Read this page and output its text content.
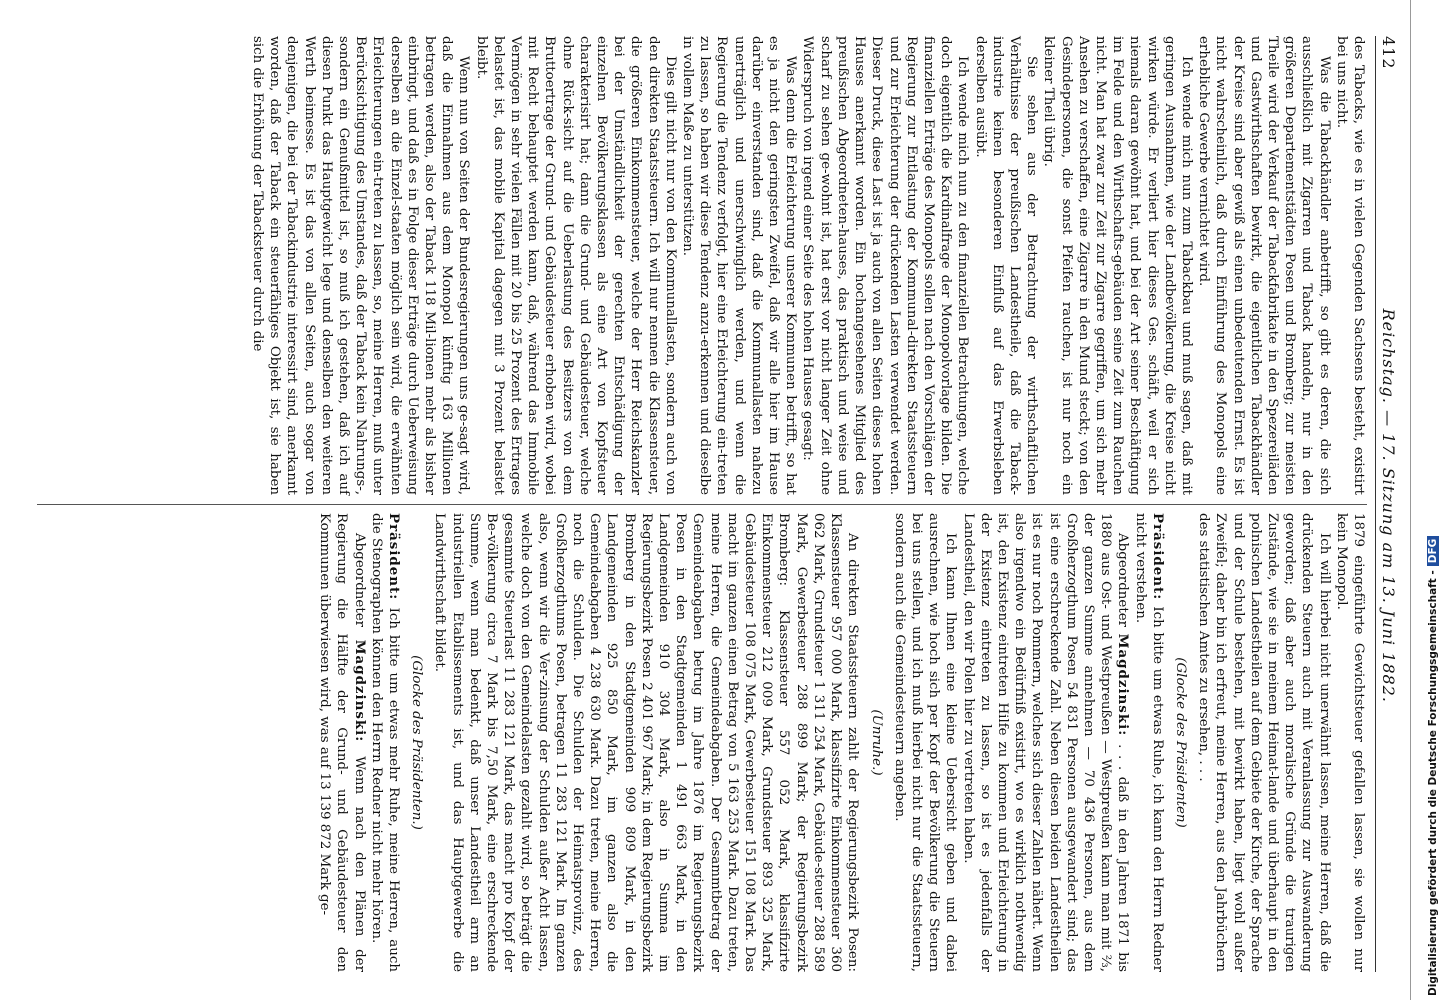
412
Reichstag. — 17. Sitzung am 13. Juni 1882.

des Tabacks, wie es in vielen Gegenden Sachsens besteht, existirt bei uns nicht.

Was die Tabackhändler anbetrifft, so gibt es deren, die sich ausschließlich mit Zigarren und Taback handeln, nur in den größeren Departementstädten Posen und Bromberg; zur meisten Theile wird der Verkauf der Tabackfabrikate in den Spezereiläden und Gastwirthschaften bewirkt, die eigentlichen Tabackhändler der Kreise sind aber gewiß als einen unbedeutenden Ernst. Es ist nicht wahrscheinlich, daß durch Einführung des Monopols eine erhebliche Gewerbe vernichtet wird.

Ich wende mich nun zum Tabackbau und muß sagen, daß mit geringen Ausnahmen, wie der Landbevölkerung, die Kreise nicht wirken würde. Er verliert hier dieses Ges. schäft, weil er sich niemals daran gewöhnt hat, und bei der Art seiner Beschäftigung im Felde und den Wirthschafts-gebäuden seine Zeit zum Rauchen nicht. Man hat zwar zur Zeit zur Zigarre gegriffen, um sich mehr Ansehen zu verschaffen, eine Zigarre in den Mund steckt; von den Gesindepersonen, die sonst Pfeifen rauchen, ist nur noch ein kleiner Theil übrig.

Sie sehen aus der Betrachtung der wirthschaftlichen Verhältnisse der preußischen Landestheile, daß die Taback-industrie keinen besonderen Einfluß auf das Erwerbsleben derselben ausübt.

Ich wende mich nun zu den finanziellen Betrachtungen, welche doch eigentlich die Kardinalfrage der Monopolvorlage bilden. Die finanziellen Erträge des Monopols sollen nach den Vorschlägen der Regierung zur Entlastung der Kommunal-direkten Staatssteuern und zur Erleichterung der drückenden Lasten verwendet werden. Dieser Druck, diese Last ist ja auch von allen Seiten dieses hohen Hauses anerkannt worden. Ein hochangesehenes Mitglied des preußischen Abgeordneten-hauses, das praktisch und weise und scharf zu sehen ge-wohnt ist, hat erst vor nicht langer Zeit ohne Widerspruch von irgend einer Seite des hohen Hauses gesagt:

Was denn die Erleichterung unserer Kommunen betrifft, so hat es ja nicht den geringsten Zweifel, daß wir alle hier im Hause darüber einverstanden sind, daß die Kommunallasten nahezu unerträglich und unerschwinglich werden, und wenn die Regierung die Tendenz verfolgt, hier eine Erleichterung ein-treten zu lassen, so haben wir diese Tendenz anzu-erkennen und dieselbe in vollem Maße zu unterstützen.

Dies gilt nicht nur von den Kommunallasten, sondern auch von den direkten Staatssteuern. Ich will nur nennen die Klassensteuer, die größeren Einkommensteuer, welche der Herr Reichskanzler bei der Umständlichkeit der gerechten Entschädigung der einzelnen Bevölkerungsklassen als eine Art von Kopfsteuer charakterisirt hat; dann die Grund- und Gebäudesteuer, welche ohne Rück-sicht auf die Ueberlastung des Besitzers von dem Bruttoertrage der Grund- und Gebäudesteuer erhoben wird, wobei mit Recht behauptet werden kann, daß, während das Immobile Vermögen in sehr vielen Fällen mit 20 bis 25 Prozent des Ertrages belastet ist, das mobile Kapital dagegen mit 3 Prozent belastet bleibt.

Wenn nun von Seiten der Bundesregierungen uns ge-sagt wird, daß die Einnahmen aus dem Monopol künftig 163 Millionen betragen werden, also der Taback 118 Mil-lionen mehr als bisher einbringt, und daß es in Folge dieser Erträge durch Ueberweisung derselben an die Einzel-staaten möglich sein wird, die erwähnten Erleichterungen ein-treten zu lassen, so, meine Herren, muß unter Berücksichtigung des Umstandes, daß der Taback kein Nahrungs-, sondern ein Genußmittel ist, so muß ich gestehen, daß ich auf diesen Punkt das Hauptgewicht lege und denselben den weiteren Werth beimesse. Es ist das von allen Seiten, auch sogar von denjenigen, die bei der Tabackindustrie interessirt sind, anerkannt worden, daß der Taback ein steuerfähiges Objekt ist, sie haben sich die Erhöhung der Tabacksteuer durch die

1879 eingeführte Gewichtsteuer gefallen lassen, sie wollen nur kein Monopol.

Ich will hierbei nicht unerwähnt lassen, meine Herren, daß die drückenden Steuern auch mit Veranlassung zur Auswanderung geworden; daß aber auch moralische Gründe die traurigen Zustände, wie sie in meinem Heimat-lande und überhaupt in den polnischen Landestheilen auf dem Gebiete der Kirche, der Sprache und der Schule bestehen, mit bewirkt haben, liegt wohl außer Zweifel; daher bin ich erfreut, meine Herren, aus den Jahrbüchern des statistischen Amtes zu ersehen, . . .

(Glocke des Präsidenten)

Präsident: Ich bitte um etwas Ruhe, ich kann den Herrn Redner nicht verstehen.

Abgeordneter Magdzinski: . . . daß in den Jahren 1871 bis 1880 aus Ost- und Westpreußen — Westpreußen kann man mit ⅔, der ganzen Summe annehmen — 70 436 Personen, aus dem Großherzogthum Posen 54 831 Personen ausgewandert sind; das ist eine erschreckende Zahl. Neben diesen beiden Landestheilen ist es nur noch Pommern, welches sich dieser Zahlen nähert. Wenn also irgendwo ein Bedürfniß existirt, wo es wirklich nothwendig ist, den Existenz eintreten Hilfe zu kommen und Erleichterung in der Existenz eintreten zu lassen, so ist es jedenfalls der Landestheil, den wir Polen hier zu vertreten haben.

Ich kann Ihnen eine kleine Uebersicht geben und dabei ausrechnen, wie hoch sich per Kopf der Bevölkerung die Steuern bei uns stellen, und ich muß hierbei nicht nur die Staatssteuern, sondern auch die Gemeindesteuern angeben.

(Unruhe.)

An direkten Staatssteuern zahlt der Regierungsbezirk Posen: Klassensteuer 957 000 Mark, klassifizirte Einkommensteuer 360 062 Mark, Grundsteuer 1 311 254 Mark, Gebäude-steuer 288 589 Mark, Gewerbesteuer 288 899 Mark; der Regierungsbezirk Bromberg: Klassensteuer 557 052 Mark, klassifizirte Einkommensteuer 212 009 Mark, Grundsteuer 893 325 Mark, Gebäudesteuer 108 075 Mark, Gewerbesteuer 151 108 Mark. Das macht im ganzen einen Betrag von 5 163 253 Mark. Dazu treten, meine Herren, die Gemeindeabgaben. Der Gesammtbetrag der Gemeindeabgaben betrug im Jahre 1876 im Regierungsbezirk Posen in den Stadtgemeinden 1 491 663 Mark, in den Landgemeinden 910 304 Mark, also in Summa im Regierungsbezirk Posen 2 401 967 Mark; in dem Regierungsbezirk Bromberg in den Stadtgemeinden 909 809 Mark, in den Landgemeinden 925 850 Mark, im ganzen also die Gemeindeabgaben 4 238 630 Mark. Dazu treten, meine Herren, noch die Schulden. Die Schulden der Heimatsprovinz, des Großherzogthums Posen, betragen 11 283 121 Mark. Im ganzen also, wenn wir die Ver-zinsung der Schulden außer Acht lassen, welche doch von den Gemeindelasten gezahlt wird, so beträgt die gesammte Steuerlast 11 283 121 Mark, das macht pro Kopf der Be-völkerung circa 7 Mark bis 7,50 Mark, eine erschreckende Summe, wenn man bedenkt, daß unser Landestheil arm an industriellen Etablissements ist, und das Hauptgewerbe die Landwirthschaft bildet.

(Glocke des Präsidenten.)

Präsident: Ich bitte um etwas mehr Ruhe, meine Herren, auch die Stenographen können den Herrn Redner nicht mehr hören.

Abgeordneter Magdzinski: Wenn nach den Plänen der Regierung die Hälfte der Grund- und Gebäudesteuer den Kommunen überwiesen wird, was auf 13 139 872 Mark ge-	Digitalisierung gefördert durch die Deutsche Forschungsgemeinschaft -DFG
